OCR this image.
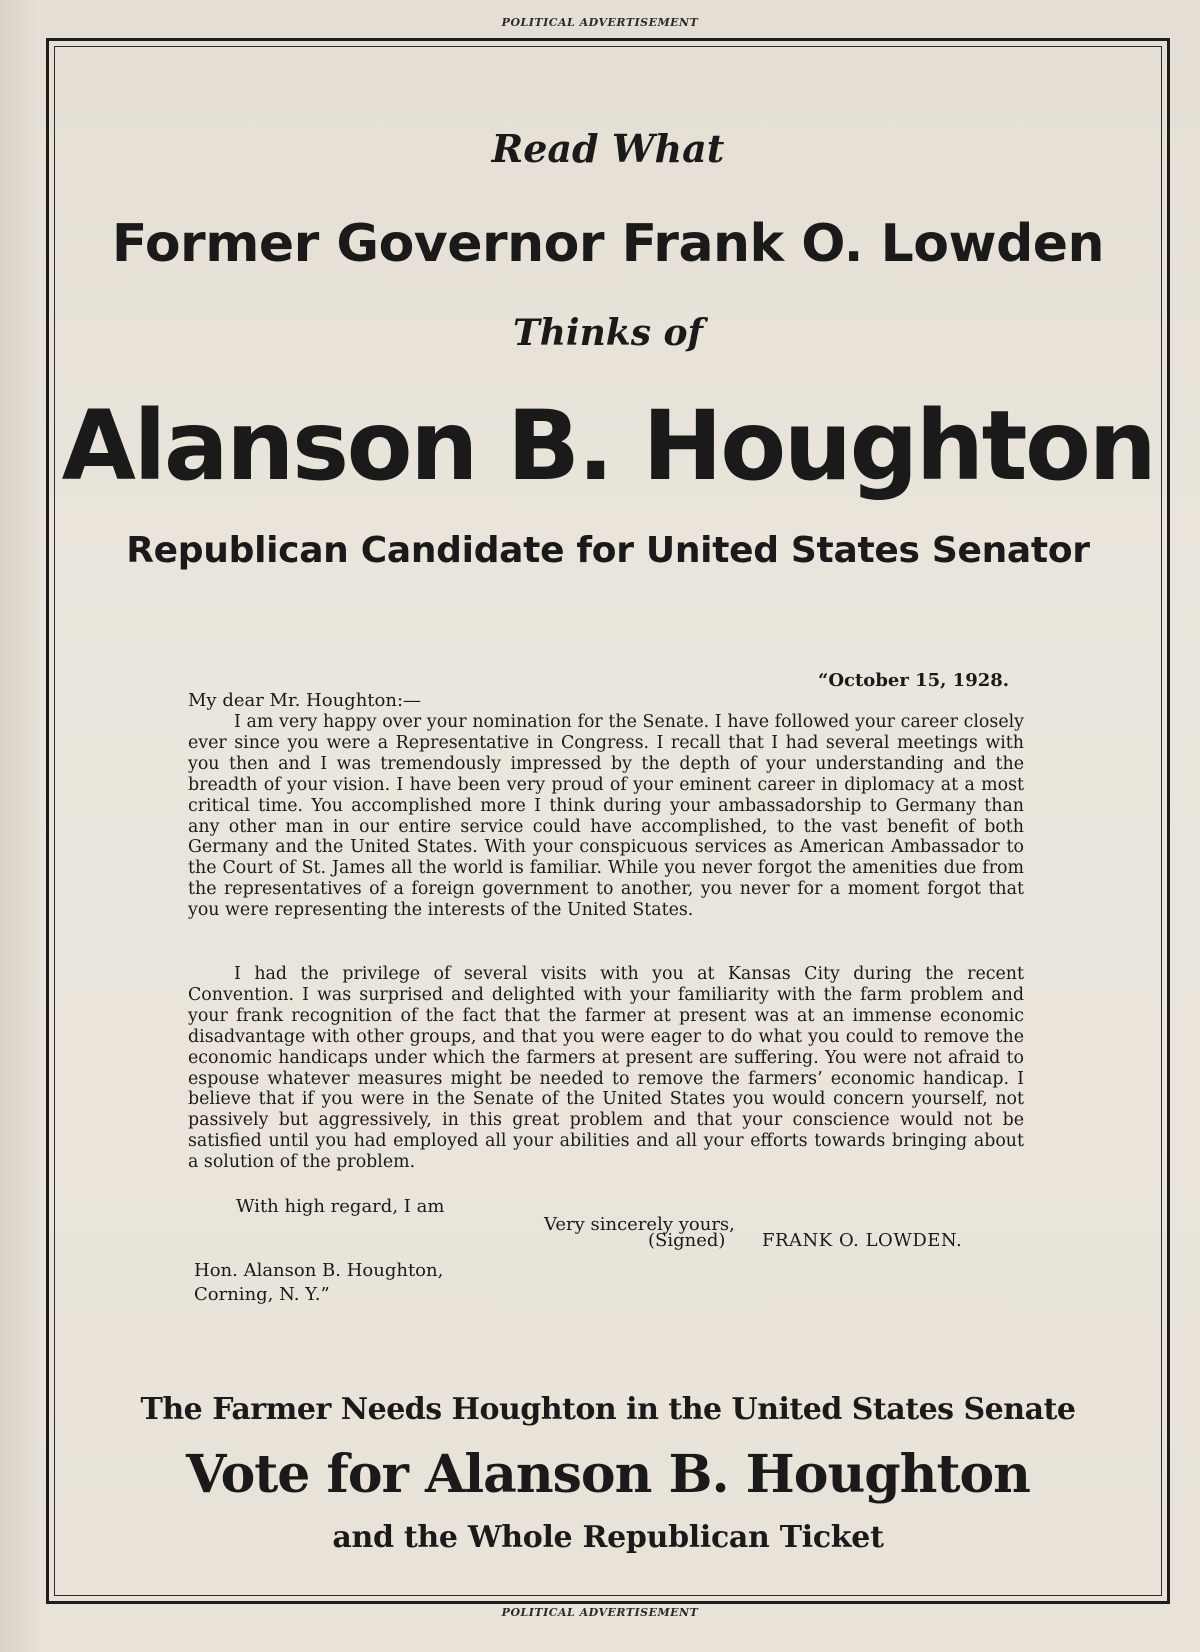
POLITICAL ADVERTISEMENT
Read What
Former Governor Frank O. Lowden
Thinks of
Alanson B. Houghton
Republican Candidate for United States Senator
“October 15, 1928.
My dear Mr. Houghton:—
I am very happy over your nomination for the Senate. I have followed your career closely ever since you were a Representative in Congress. I recall that I had several meetings with you then and I was tremendously impressed by the depth of your understanding and the breadth of your vision. I have been very proud of your eminent career in diplomacy at a most critical time. You accomplished more I think during your ambassadorship to Germany than any other man in our entire service could have accomplished, to the vast benefit of both Germany and the United States. With your conspicuous services as American Ambassador to the Court of St. James all the world is familiar. While you never forgot the amenities due from the representatives of a foreign government to another, you never for a moment forgot that you were representing the interests of the United States.
I had the privilege of several visits with you at Kansas City during the recent Convention. I was surprised and delighted with your familiarity with the farm problem and your frank recognition of the fact that the farmer at present was at an immense economic disadvantage with other groups, and that you were eager to do what you could to remove the economic handicaps under which the farmers at present are suffering. You were not afraid to espouse whatever measures might be needed to remove the farmers’ economic handicap. I believe that if you were in the Senate of the United States you would concern yourself, not passively but aggressively, in this great problem and that your conscience would not be satisfied until you had employed all your abilities and all your efforts towards bringing about a solution of the problem.
With high regard, I am
Very sincerely yours,
(Signed) FRANK O. LOWDEN.
Hon. Alanson B. Houghton,
Corning, N. Y.”
The Farmer Needs Houghton in the United States Senate
Vote for Alanson B. Houghton
and the Whole Republican Ticket
POLITICAL ADVERTISEMENT
